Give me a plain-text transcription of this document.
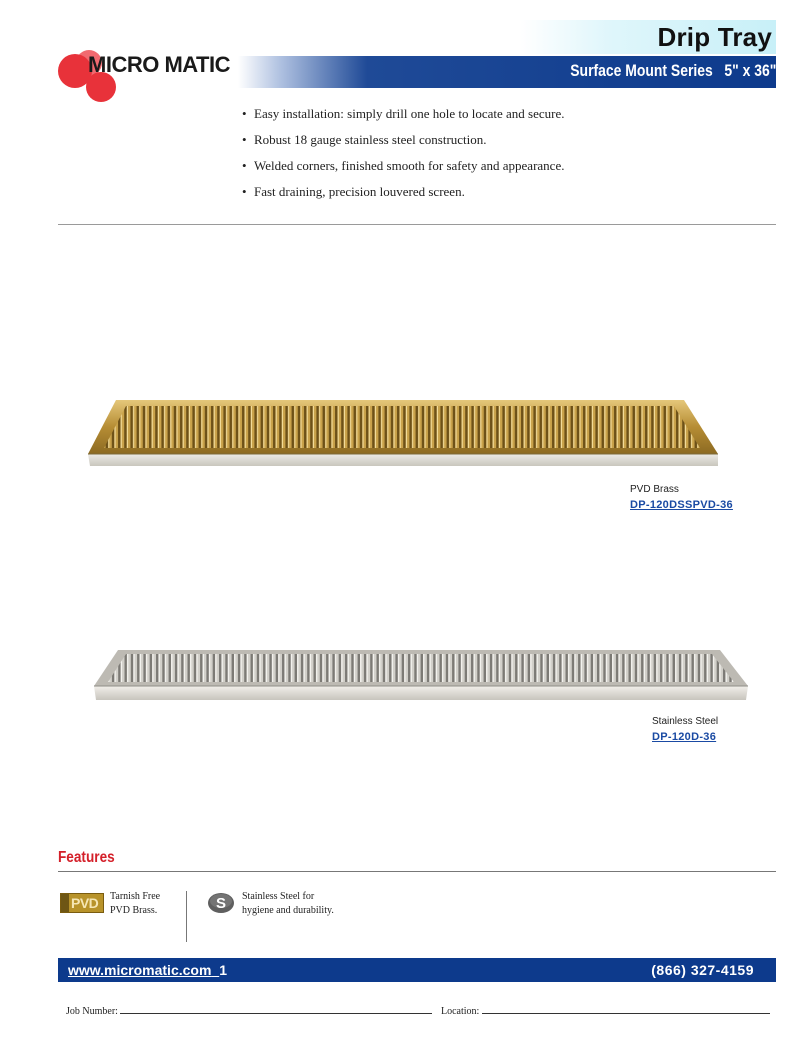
MICRO MATIC
Drip Tray
Surface Mount Series   5" x 36"
• Easy installation: simply drill one hole to locate and secure.
• Robust 18 gauge stainless steel construction.
• Welded corners, finished smooth for safety and appearance.
• Fast draining, precision louvered screen.
PVD Brass
DP-120DSSPVD-36
Stainless Steel
DP-120D-36
Features
PVD Tarnish Free
PVD Brass.	S Stainless Steel for
hygiene and durability.
www.micromatic.com 1	(866) 327-4159
Job Number:	Location:
